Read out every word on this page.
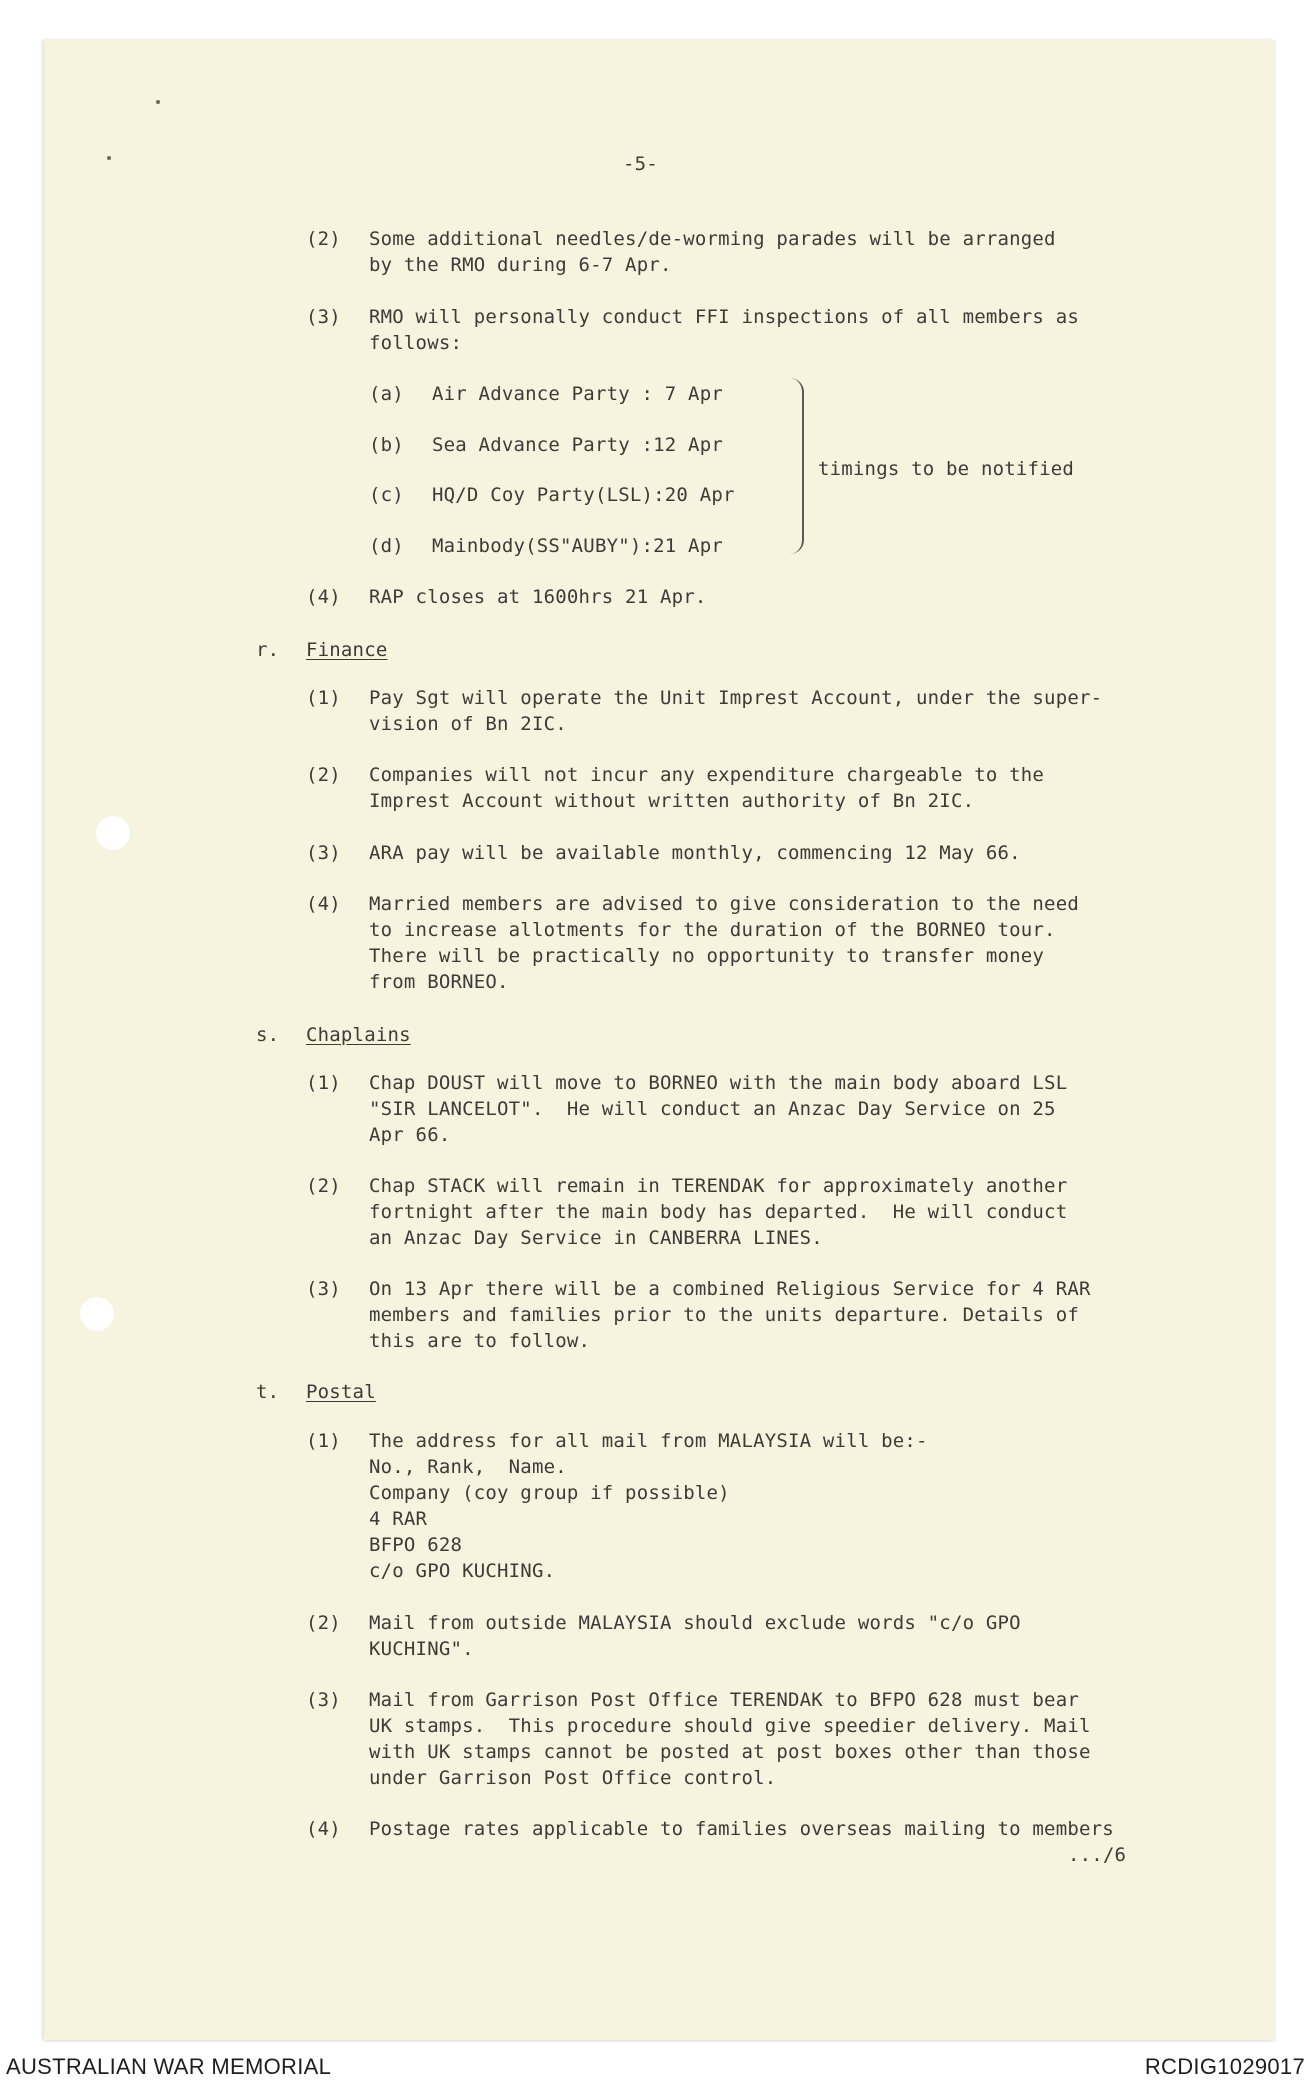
-5-

(2) Some additional needles/de-worming parades will be arranged

by the RMO during 6-7 Apr.

(3) RMO will personally conduct FFI inspections of all members as

follows:

(a) Air Advance Party : 7 Apr

(b) Sea Advance Party :12 Apr

(c) HQ/D Coy Party(LSL):20 Apr

(d) Mainbody(SS"AUBY"):21 Apr

timings to be notified

(4) RAP closes at 1600hrs 21 Apr.

r. Finance

(1) Pay Sgt will operate the Unit Imprest Account, under the super-

vision of Bn 2IC.

(2) Companies will not incur any expenditure chargeable to the

Imprest Account without written authority of Bn 2IC.

(3) ARA pay will be available monthly, commencing 12 May 66.

(4) Married members are advised to give consideration to the need

to increase allotments for the duration of the BORNEO tour.

There will be practically no opportunity to transfer money

from BORNEO.

s. Chaplains

(1) Chap DOUST will move to BORNEO with the main body aboard LSL

"SIR LANCELOT".  He will conduct an Anzac Day Service on 25

Apr 66.

(2) Chap STACK will remain in TERENDAK for approximately another

fortnight after the main body has departed.  He will conduct

an Anzac Day Service in CANBERRA LINES.

(3) On 13 Apr there will be a combined Religious Service for 4 RAR

members and families prior to the units departure. Details of

this are to follow.

t. Postal

(1) The address for all mail from MALAYSIA will be:-

No., Rank,  Name.

Company (coy group if possible)

4 RAR

BFPO 628

c/o GPO KUCHING.

(2) Mail from outside MALAYSIA should exclude words "c/o GPO

KUCHING".

(3) Mail from Garrison Post Office TERENDAK to BFPO 628 must bear

UK stamps.  This procedure should give speedier delivery. Mail

with UK stamps cannot be posted at post boxes other than those

under Garrison Post Office control.

(4) Postage rates applicable to families overseas mailing to members

.../6

AUSTRALIAN WAR MEMORIAL	RCDIG1029017
